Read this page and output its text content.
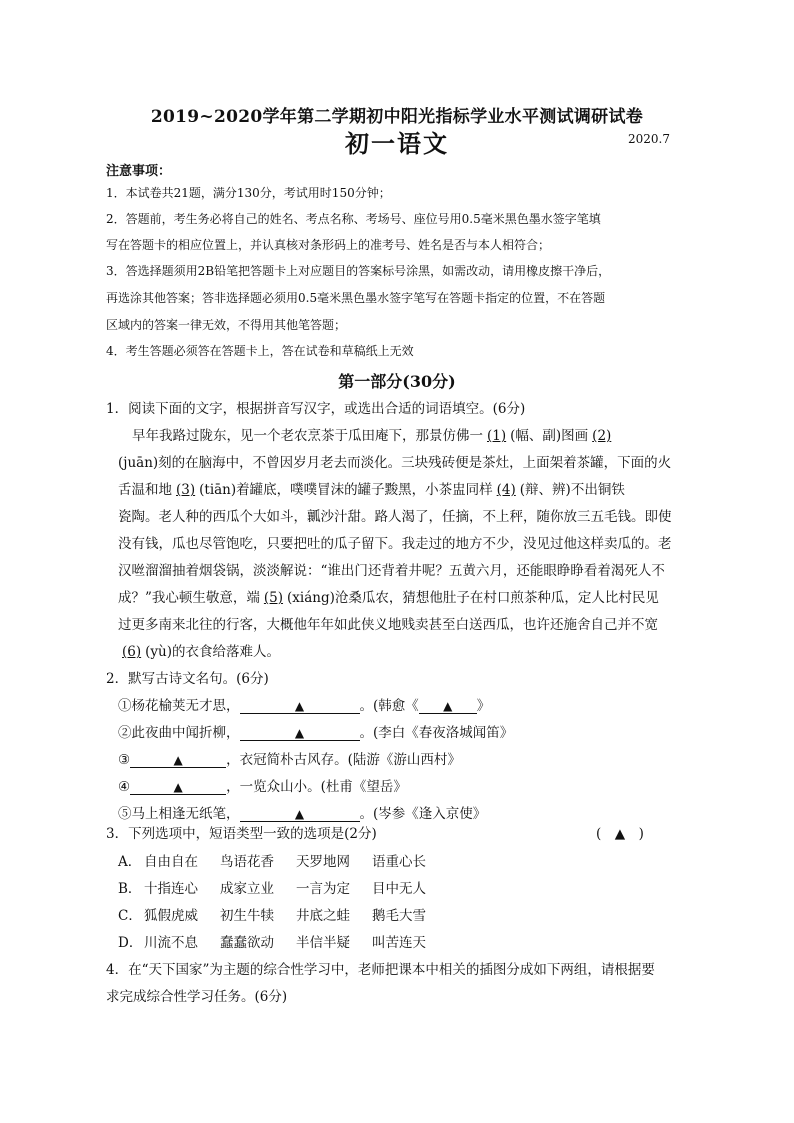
2019~2020学年第二学期初中阳光指标学业水平测试调研试卷
初一语文	2020.7
注意事项：
1．本试卷共21题，满分130分，考试用时150分钟；
2．答题前，考生务必将自己的姓名、考点名称、考场号、座位号用0.5毫米黑色墨水签字笔填
写在答题卡的相应位置上，并认真核对条形码上的准考号、姓名是否与本人相符合；
3．答选择题须用2B铅笔把答题卡上对应题目的答案标号涂黑，如需改动，请用橡皮擦干净后，
再选涂其他答案；答非选择题必须用0.5毫米黑色墨水签字笔写在答题卡指定的位置，不在答题
区域内的答案一律无效，不得用其他笔答题；
4．考生答题必须答在答题卡上，答在试卷和草稿纸上无效
第一部分(30分)
1．阅读下面的文字，根据拼音写汉字，或选出合适的词语填空。(6分)
早年我路过陇东，见一个老农烹茶于瓜田庵下，那景仿佛一 (1) (幅、副)图画 (2)
(juān)刻的在脑海中，不曾因岁月老去而淡化。三块残砖便是茶灶，上面架着茶罐，下面的火
舌温和地 (3) (tiān)着罐底，噗噗冒沫的罐子黢黑，小茶盅同样 (4) (辩、辨)不出铜铁
瓷陶。老人种的西瓜个大如斗，瓤沙汁甜。路人渴了，任摘，不上秤，随你放三五毛钱。即使
没有钱，瓜也尽管饱吃，只要把吐的瓜子留下。我走过的地方不少，没见过他这样卖瓜的。老
汉咝溜溜抽着烟袋锅，淡淡解说：“谁出门还背着井呢？五黄六月，还能眼睁睁看着渴死人不
成？”我心顿生敬意，端 (5) (xiáng)沧桑瓜农，猜想他肚子在村口煎茶种瓜，定人比村民见
过更多南来北往的行客，大概他年年如此侠义地贱卖甚至白送西瓜，也许还施舍自己并不宽
(6) (yù)的衣食给落难人。
2．默写古诗文名句。(6分)
①杨花榆荚无才思，	▲	。(韩愈《 ▲ 》
②此夜曲中闻折柳，	▲	。(李白《春夜洛城闻笛》
③	▲	，衣冠简朴古风存。(陆游《游山西村》
④	▲	，一览众山小。(杜甫《望岳》
⑤马上相逢无纸笔，	▲	。(岑参《逢入京使》
3．下列选项中，短语类型一致的选项是(2分)	(　▲　)
A． 自由自在 鸟语花香 天罗地网 语重心长
B． 十指连心 成家立业 一言为定 目中无人
C． 狐假虎威 初生牛犊 井底之蛙 鹅毛大雪
D． 川流不息 蠢蠢欲动 半信半疑 叫苦连天
4．在“天下国家”为主题的综合性学习中，老师把课本中相关的插图分成如下两组，请根据要
求完成综合性学习任务。(6分)
